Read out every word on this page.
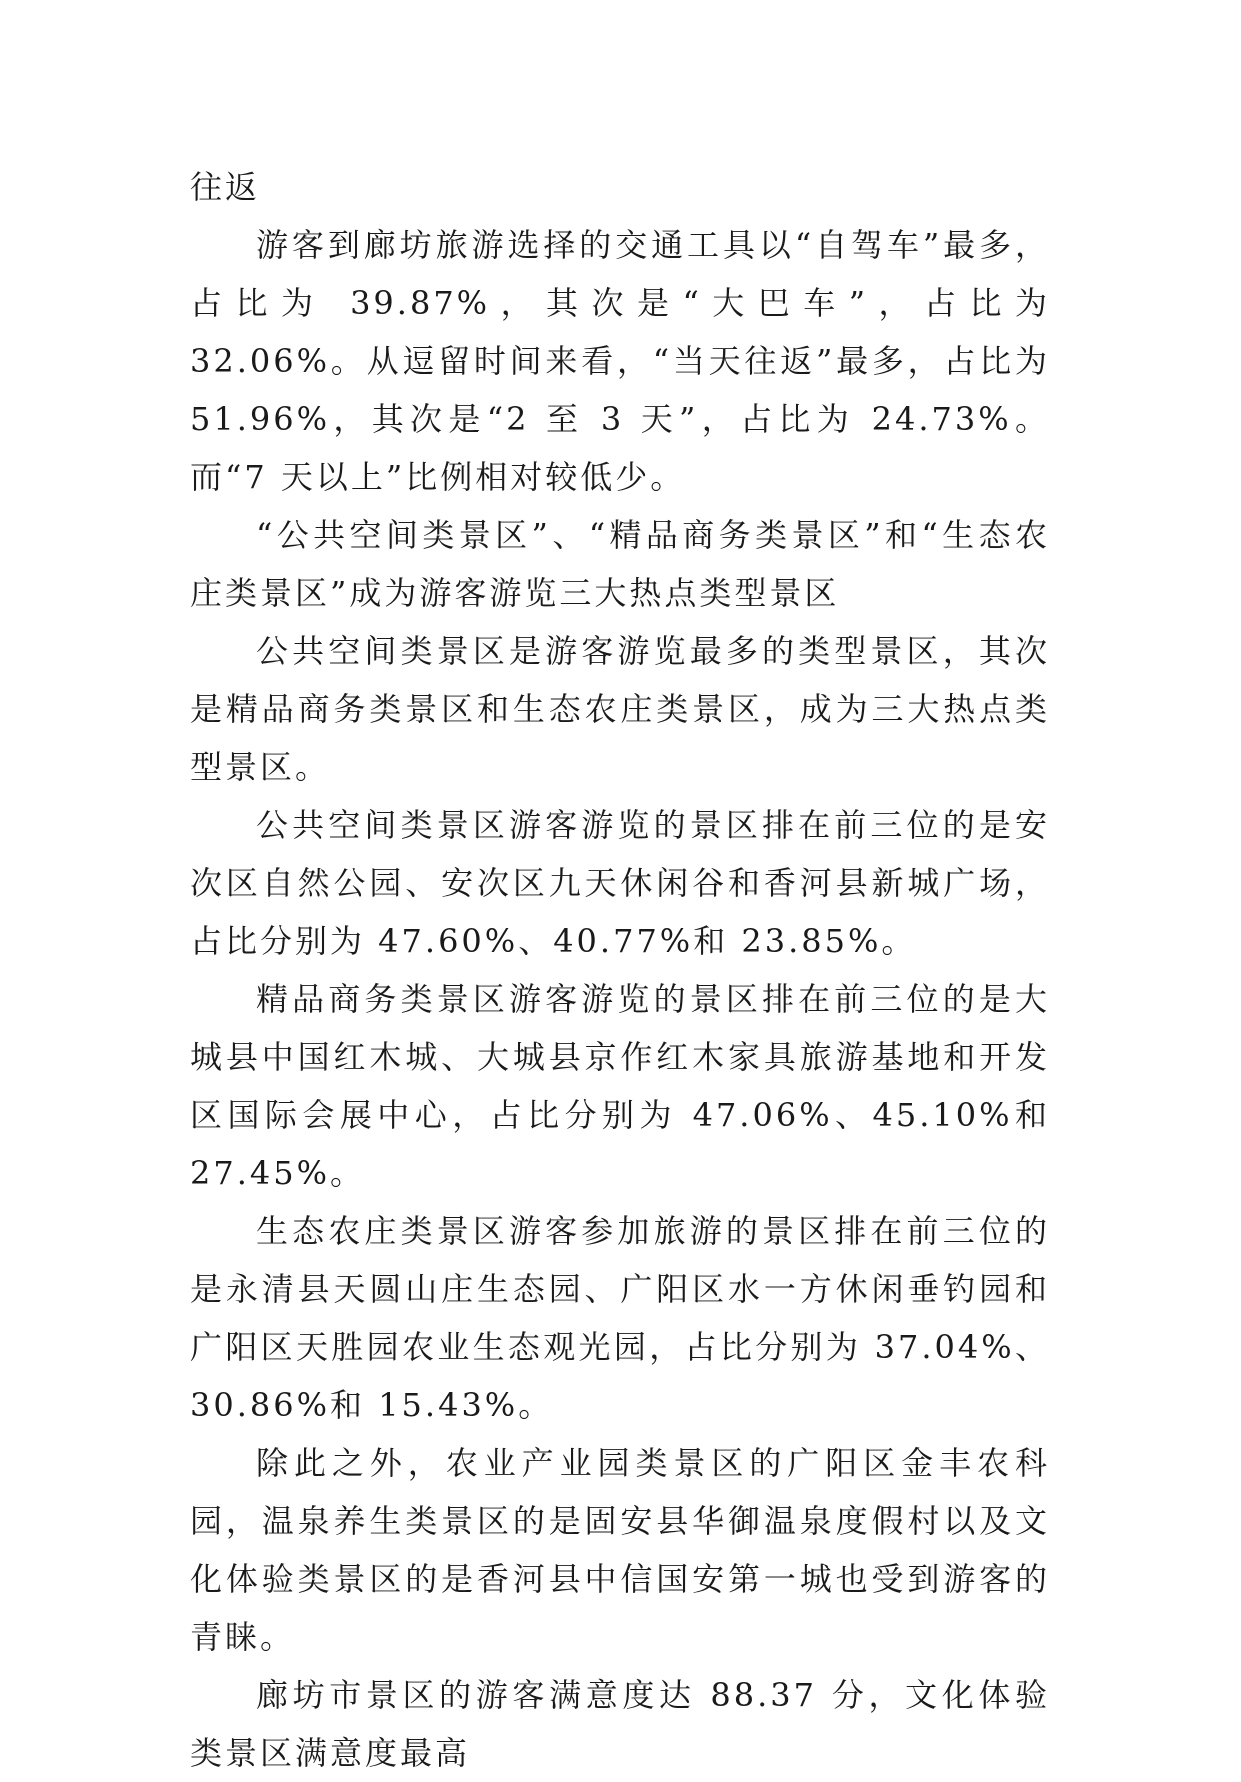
往返

游客到廊坊旅游选择的交通工具以“自驾车”最多，占比为 39.87%，其次是“大巴车”，占比为 32.06%。从逗留时间来看，“当天往返”最多，占比为 51.96%，其次是“2 至 3 天”，占比为 24.73%。而“7 天以上”比例相对较低少。

“公共空间类景区”、“精品商务类景区”和“生态农庄类景区”成为游客游览三大热点类型景区

公共空间类景区是游客游览最多的类型景区，其次是精品商务类景区和生态农庄类景区，成为三大热点类型景区。

公共空间类景区游客游览的景区排在前三位的是安次区自然公园、安次区九天休闲谷和香河县新城广场，占比分别为 47.60%、40.77%和 23.85%。

精品商务类景区游客游览的景区排在前三位的是大城县中国红木城、大城县京作红木家具旅游基地和开发区国际会展中心，占比分别为 47.06%、45.10%和 27.45%。

生态农庄类景区游客参加旅游的景区排在前三位的是永清县天圆山庄生态园、广阳区水一方休闲垂钓园和广阳区天胜园农业生态观光园，占比分别为 37.04%、30.86%和 15.43%。

除此之外，农业产业园类景区的广阳区金丰农科园，温泉养生类景区的是固安县华御温泉度假村以及文化体验类景区的是香河县中信国安第一城也受到游客的青睐。

廊坊市景区的游客满意度达 88.37 分，文化体验类景区满意度最高
